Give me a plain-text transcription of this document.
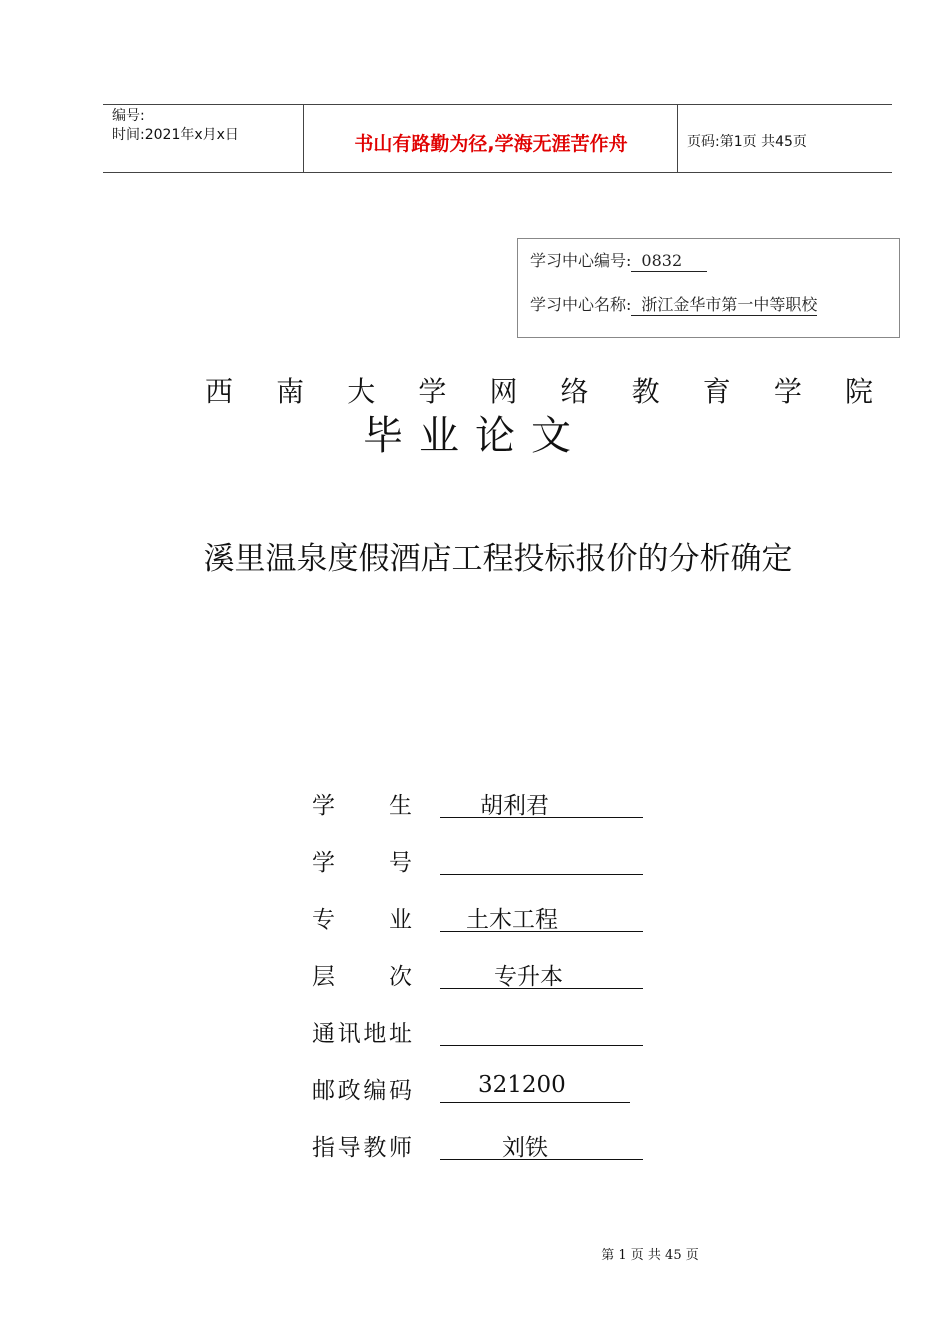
编号:
时间:2021年x月x日	书山有路勤为径,学海无涯苦作舟	页码:第1页 共45页
学习中心编号: 0832
学习中心名称: 浙江金华市第一中等职校
西 南 大 学 网 络 教 育 学 院
毕业论文
溪里温泉度假酒店工程投标报价的分析确定
学 生	胡利君
学 号
专 业 土木工程
层 次	专升本
通 讯 地 址
邮 政 编 码	321200
指 导 教 师	刘铁
第 1 页 共 45 页
